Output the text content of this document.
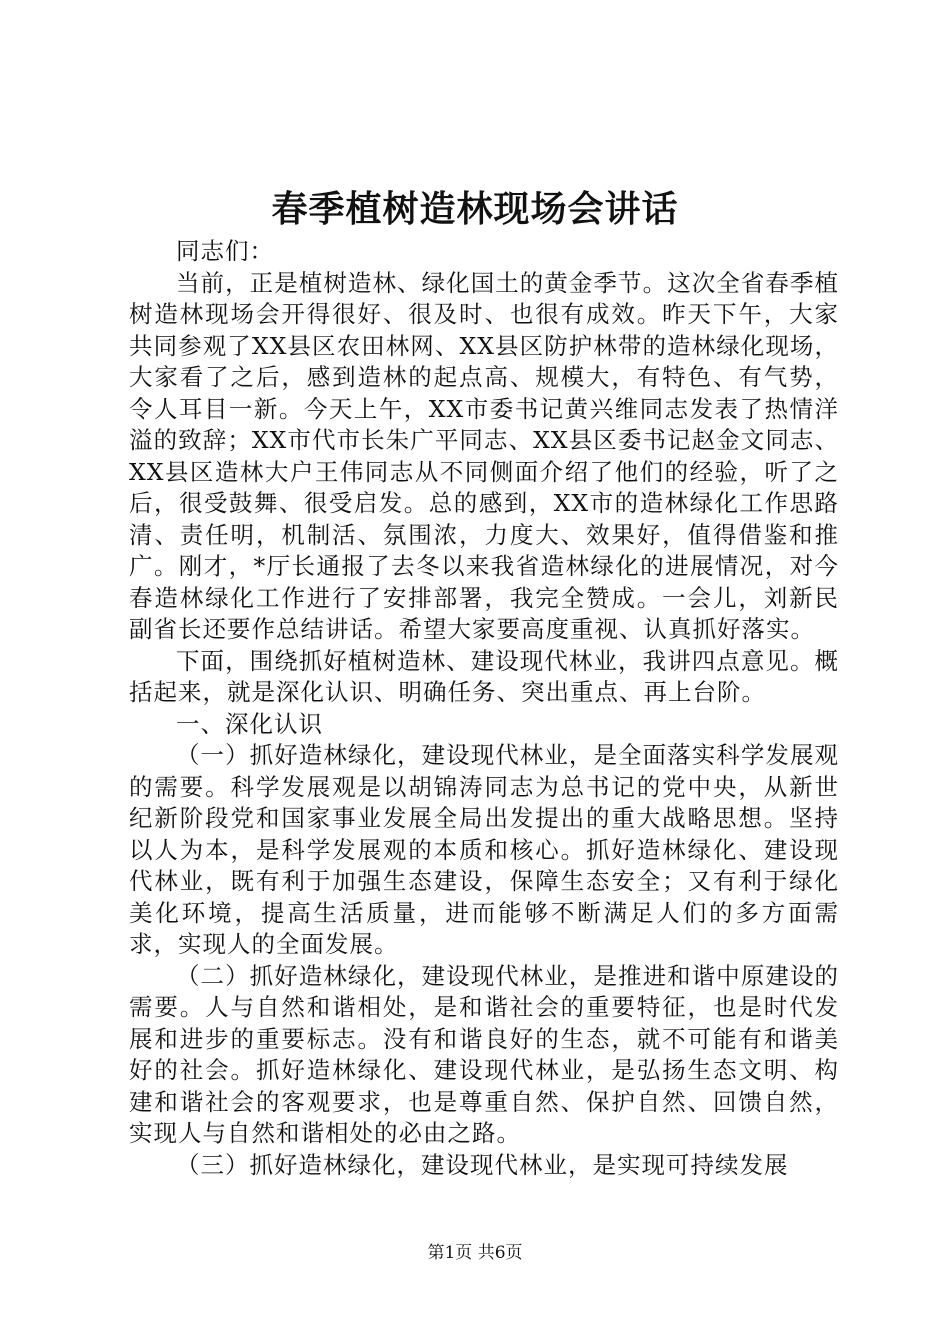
春季植树造林现场会讲话

同志们：

当前，正是植树造林、绿化国土的黄金季节。这次全省春季植树造林现场会开得很好、很及时、也很有成效。昨天下午，大家共同参观了XX县区农田林网、XX县区防护林带的造林绿化现场，大家看了之后，感到造林的起点高、规模大，有特色、有气势，令人耳目一新。今天上午，XX市委书记黄兴维同志发表了热情洋溢的致辞；XX市代市长朱广平同志、XX县区委书记赵金文同志、XX县区造林大户王伟同志从不同侧面介绍了他们的经验，听了之后，很受鼓舞、很受启发。总的感到，XX市的造林绿化工作思路清、责任明，机制活、氛围浓，力度大、效果好，值得借鉴和推广。刚才，*厅长通报了去冬以来我省造林绿化的进展情况，对今春造林绿化工作进行了安排部署，我完全赞成。一会儿，刘新民副省长还要作总结讲话。希望大家要高度重视、认真抓好落实。

下面，围绕抓好植树造林、建设现代林业，我讲四点意见。概括起来，就是深化认识、明确任务、突出重点、再上台阶。

一、深化认识

（一）抓好造林绿化，建设现代林业，是全面落实科学发展观的需要。科学发展观是以胡锦涛同志为总书记的党中央，从新世纪新阶段党和国家事业发展全局出发提出的重大战略思想。坚持以人为本，是科学发展观的本质和核心。抓好造林绿化、建设现代林业，既有利于加强生态建设，保障生态安全；又有利于绿化美化环境，提高生活质量，进而能够不断满足人们的多方面需求，实现人的全面发展。

（二）抓好造林绿化，建设现代林业，是推进和谐中原建设的需要。人与自然和谐相处，是和谐社会的重要特征，也是时代发展和进步的重要标志。没有和谐良好的生态，就不可能有和谐美好的社会。抓好造林绿化、建设现代林业，是弘扬生态文明、构建和谐社会的客观要求，也是尊重自然、保护自然、回馈自然，实现人与自然和谐相处的必由之路。

（三）抓好造林绿化，建设现代林业，是实现可持续发展

第1页 共6页
